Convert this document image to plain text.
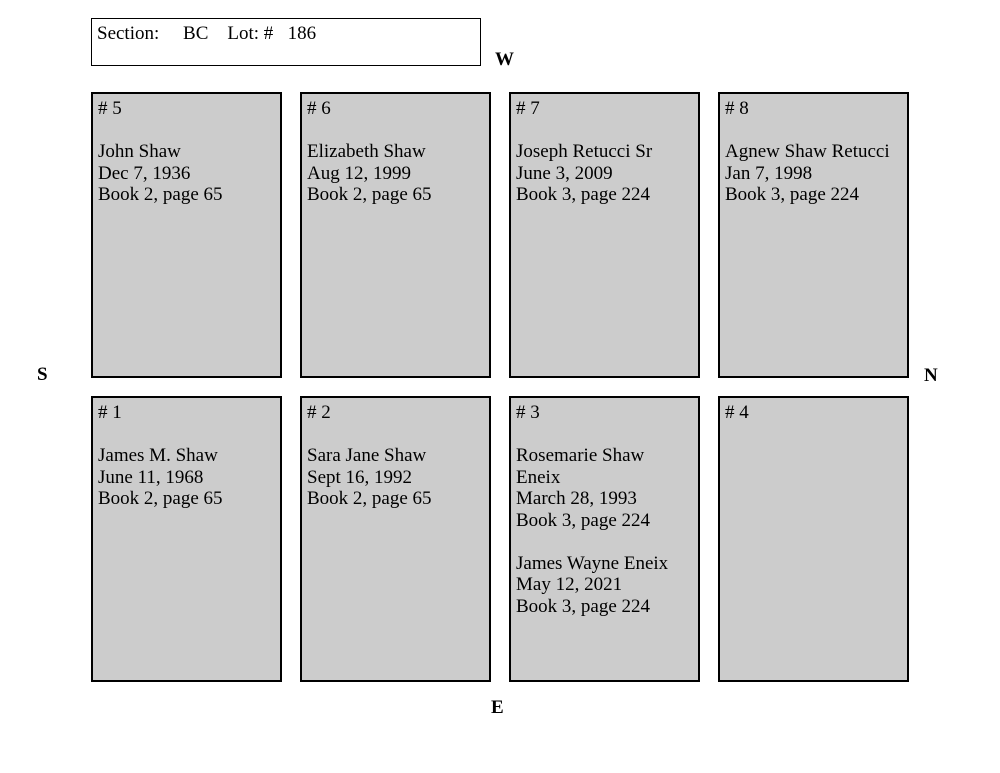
Section: BC Lot: # 186
W
S	N
E
# 5
John Shaw
Dec 7, 1936
Book 2, page 65
# 6
Elizabeth Shaw
Aug 12, 1999
Book 2, page 65
# 7
Joseph Retucci Sr
June 3, 2009
Book 3, page 224
# 8
Agnew Shaw Retucci
Jan 7, 1998
Book 3, page 224
# 1
James M. Shaw
June 11, 1968
Book 2, page 65
# 2
Sara Jane Shaw
Sept 16, 1992
Book 2, page 65
# 3
Rosemarie Shaw
Eneix
March 28, 1993
Book 3, page 224
James Wayne Eneix
May 12, 2021
Book 3, page 224
# 4
